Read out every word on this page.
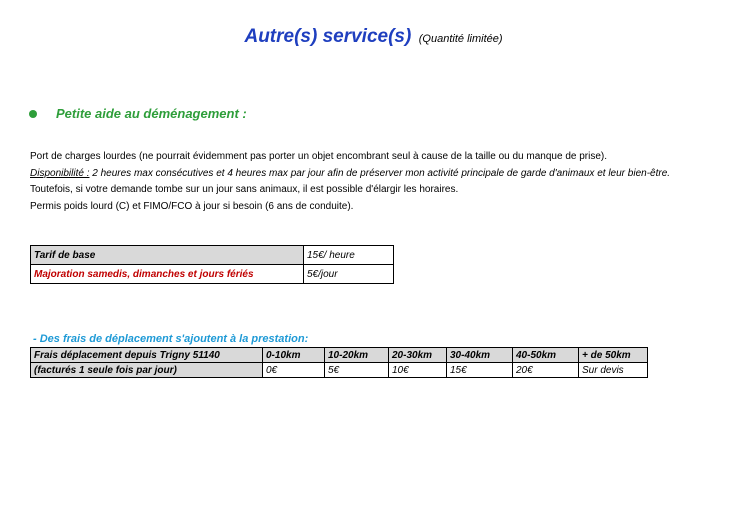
Autre(s) service(s) (Quantité limitée)
Petite aide au déménagement :
Port de charges lourdes (ne pourrait évidemment pas porter un objet encombrant seul à cause de la taille ou du manque de prise).
Disponibilité : 2 heures max consécutives et 4 heures max par jour afin de préserver mon activité principale de garde d'animaux et leur bien-être.
Toutefois, si votre demande tombe sur un jour sans animaux, il est possible d'élargir les horaires.
Permis poids lourd (C) et FIMO/FCO à jour si besoin (6 ans de conduite).
Tarif de base	15€/ heure
Majoration samedis, dimanches et jours fériés	5€/jour
- Des frais de déplacement s'ajoutent à la prestation:
Frais déplacement depuis Trigny 51140	0-10km	10-20km	20-30km	30-40km	40-50km	+ de 50km
(facturés 1 seule fois par jour)	0€	5€	10€	15€	20€	Sur devis
